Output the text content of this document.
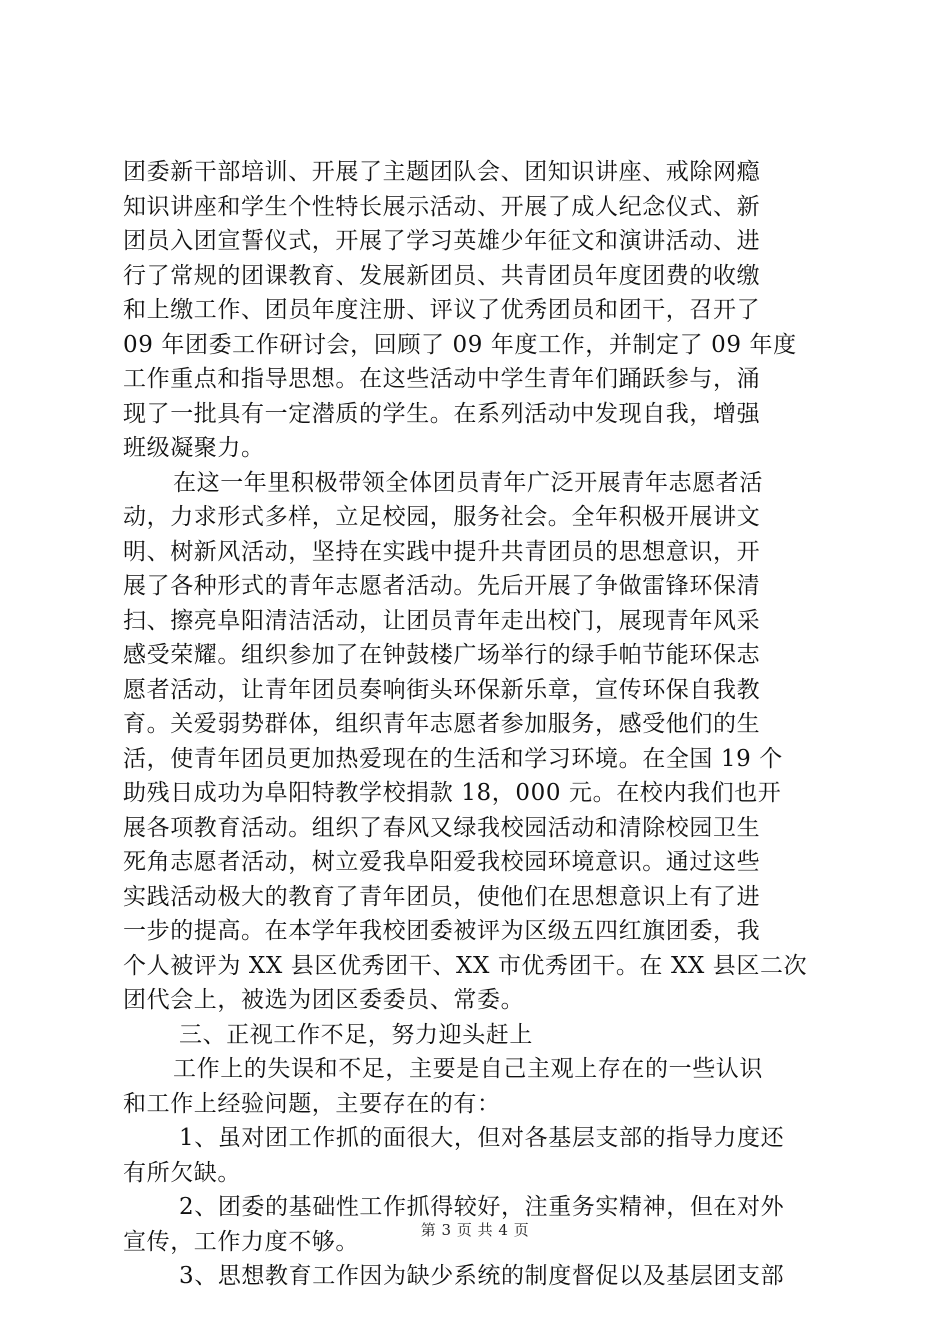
团委新干部培训、开展了主题团队会、团知识讲座、戒除网瘾
知识讲座和学生个性特长展示活动、开展了成人纪念仪式、新
团员入团宣誓仪式，开展了学习英雄少年征文和演讲活动、进
行了常规的团课教育、发展新团员、共青团员年度团费的收缴
和上缴工作、团员年度注册、评议了优秀团员和团干，召开了
09 年团委工作研讨会，回顾了 09 年度工作，并制定了 09 年度
工作重点和指导思想。在这些活动中学生青年们踊跃参与，涌
现了一批具有一定潜质的学生。在系列活动中发现自我，增强
班级凝聚力。
在这一年里积极带领全体团员青年广泛开展青年志愿者活
动，力求形式多样，立足校园，服务社会。全年积极开展讲文
明、树新风活动，坚持在实践中提升共青团员的思想意识，开
展了各种形式的青年志愿者活动。先后开展了争做雷锋环保清
扫、擦亮阜阳清洁活动，让团员青年走出校门，展现青年风采
感受荣耀。组织参加了在钟鼓楼广场举行的绿手帕节能环保志
愿者活动，让青年团员奏响街头环保新乐章，宣传环保自我教
育。关爱弱势群体，组织青年志愿者参加服务，感受他们的生
活，使青年团员更加热爱现在的生活和学习环境。在全国 19 个
助残日成功为阜阳特教学校捐款 18，000 元。在校内我们也开
展各项教育活动。组织了春风又绿我校园活动和清除校园卫生
死角志愿者活动，树立爱我阜阳爱我校园环境意识。通过这些
实践活动极大的教育了青年团员，使他们在思想意识上有了进
一步的提高。在本学年我校团委被评为区级五四红旗团委，我
个人被评为 XX 县区优秀团干、XX 市优秀团干。在 XX 县区二次
团代会上，被选为团区委委员、常委。
三、正视工作不足，努力迎头赶上
工作上的失误和不足，主要是自己主观上存在的一些认识
和工作上经验问题，主要存在的有：
1、虽对团工作抓的面很大，但对各基层支部的指导力度还
有所欠缺。
2、团委的基础性工作抓得较好，注重务实精神，但在对外
宣传，工作力度不够。
3、思想教育工作因为缺少系统的制度督促以及基层团支部
第 3 页 共 4 页
